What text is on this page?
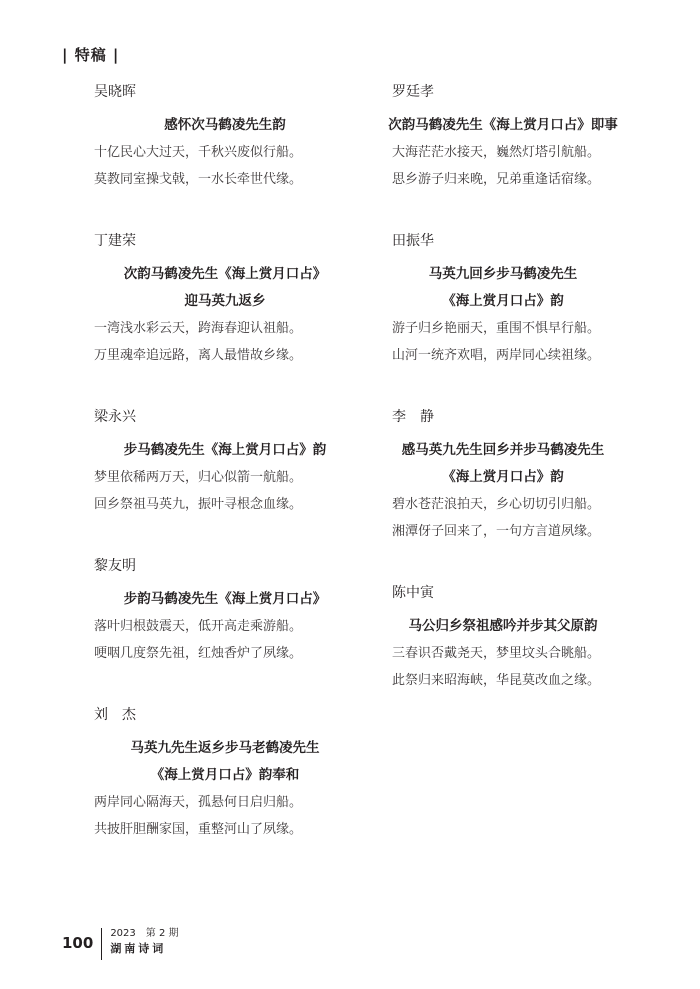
| 特稿 |
吴晓晖
感怀次马鹤凌先生韵
十亿民心大过天，千秋兴废似行船。
莫教同室操戈戟，一水长牵世代缘。
丁建荣
次韵马鹤凌先生《海上赏月口占》
迎马英九返乡
一湾浅水彩云天，跨海春迎认祖船。
万里魂牵追远路，离人最惜故乡缘。
梁永兴
步马鹤凌先生《海上赏月口占》韵
梦里依稀两万天，归心似箭一航船。
回乡祭祖马英九，振叶寻根念血缘。
黎友明
步韵马鹤凌先生《海上赏月口占》
落叶归根鼓震天，低开高走乘游船。
哽咽几度祭先祖，红烛香炉了夙缘。
刘　杰
马英九先生返乡步马老鹤凌先生
《海上赏月口占》韵奉和
两岸同心隔海天，孤悬何日启归船。
共披肝胆酬家国，重整河山了夙缘。
罗廷孝
次韵马鹤凌先生《海上赏月口占》即事
大海茫茫水接天，巍然灯塔引航船。
思乡游子归来晚，兄弟重逢话宿缘。
田振华
马英九回乡步马鹤凌先生
《海上赏月口占》韵
游子归乡艳丽天，重围不惧早行船。
山河一统齐欢唱，两岸同心续祖缘。
李　静
感马英九先生回乡并步马鹤凌先生
《海上赏月口占》韵
碧水苍茫浪拍天，乡心切切引归船。
湘潭伢子回来了，一句方言道夙缘。
陈中寅
马公归乡祭祖感吟并步其父原韵
三春识否戴尧天，梦里坟头合眺船。
此祭归来昭海峡，华昆莫改血之缘。
100
2023　第 2 期
湖南诗词
